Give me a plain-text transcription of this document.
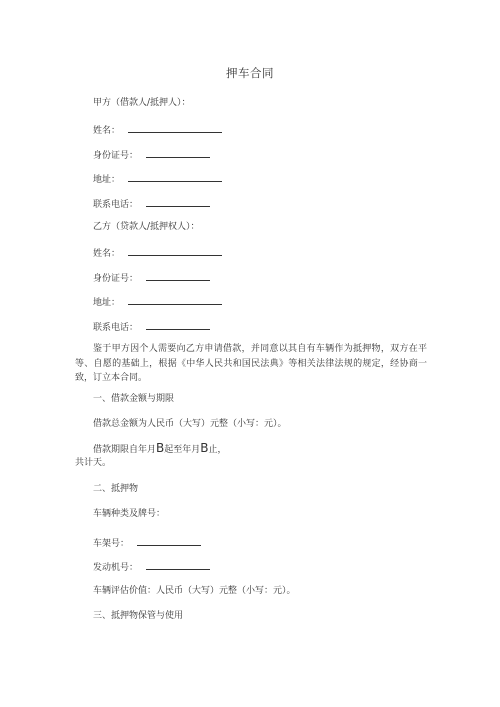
押车合同

甲方（借款人/抵押人）：

姓名：

身份证号：

地址：

联系电话：

乙方（贷款人/抵押权人）：

姓名：

身份证号：

地址：

联系电话：

鉴于甲方因个人需要向乙方申请借款，并同意以其自有车辆作为抵押物，双方在平等、自愿的基础上，根据《中华人民共和国民法典》等相关法律法规的规定，经协商一致，订立本合同。

一、借款金额与期限

借款总金额为人民币（大写）元整（小写：元）。

借款期限自年月B起至年月B止，

共计天。

二、抵押物

车辆种类及牌号：

车架号：

发动机号：

车辆评估价值：人民币（大写）元整（小写：元）。

三、抵押物保管与使用
